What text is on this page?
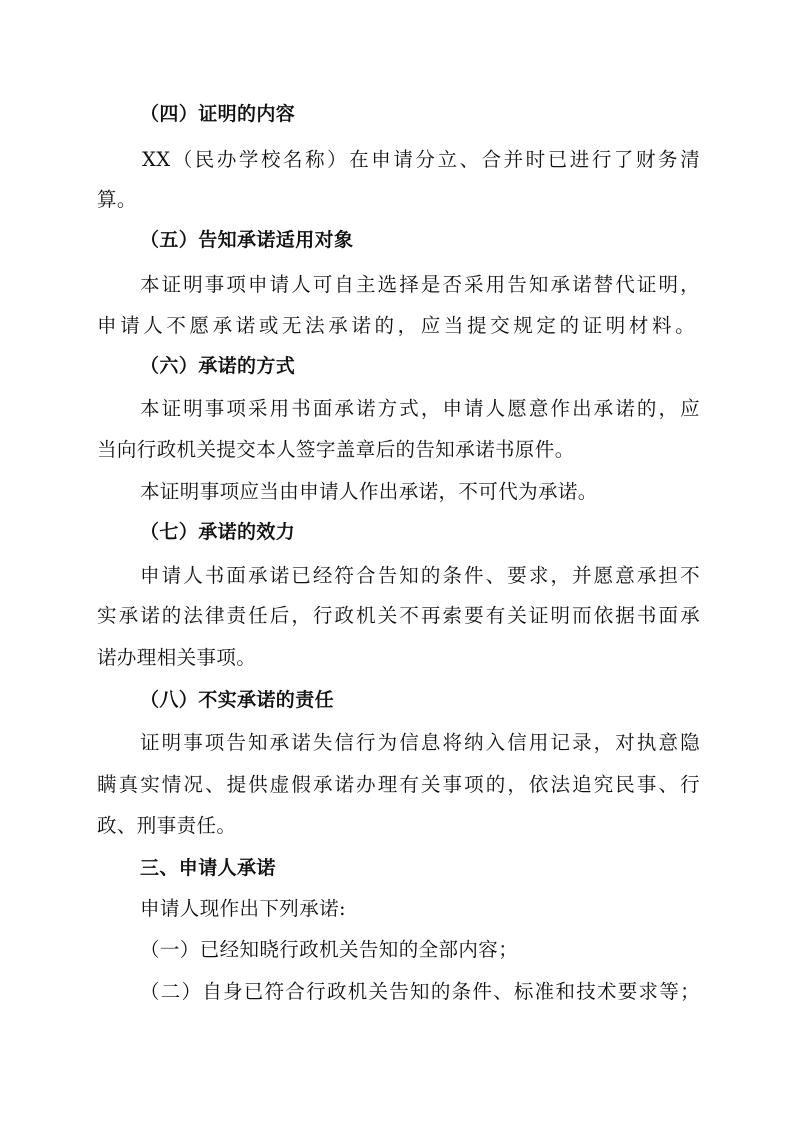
（四）证明的内容
XX（民办学校名称）在申请分立、合并时已进行了财务清
算。
（五）告知承诺适用对象
本证明事项申请人可自主选择是否采用告知承诺替代证明，
申请人不愿承诺或无法承诺的，应当提交规定的证明材料。
（六）承诺的方式
本证明事项采用书面承诺方式，申请人愿意作出承诺的，应
当向行政机关提交本人签字盖章后的告知承诺书原件。
本证明事项应当由申请人作出承诺，不可代为承诺。
（七）承诺的效力
申请人书面承诺已经符合告知的条件、要求，并愿意承担不
实承诺的法律责任后，行政机关不再索要有关证明而依据书面承
诺办理相关事项。
（八）不实承诺的责任
证明事项告知承诺失信行为信息将纳入信用记录，对执意隐
瞒真实情况、提供虚假承诺办理有关事项的，依法追究民事、行
政、刑事责任。
三、申请人承诺
申请人现作出下列承诺:
（一）已经知晓行政机关告知的全部内容；
（二）自身已符合行政机关告知的条件、标准和技术要求等；
